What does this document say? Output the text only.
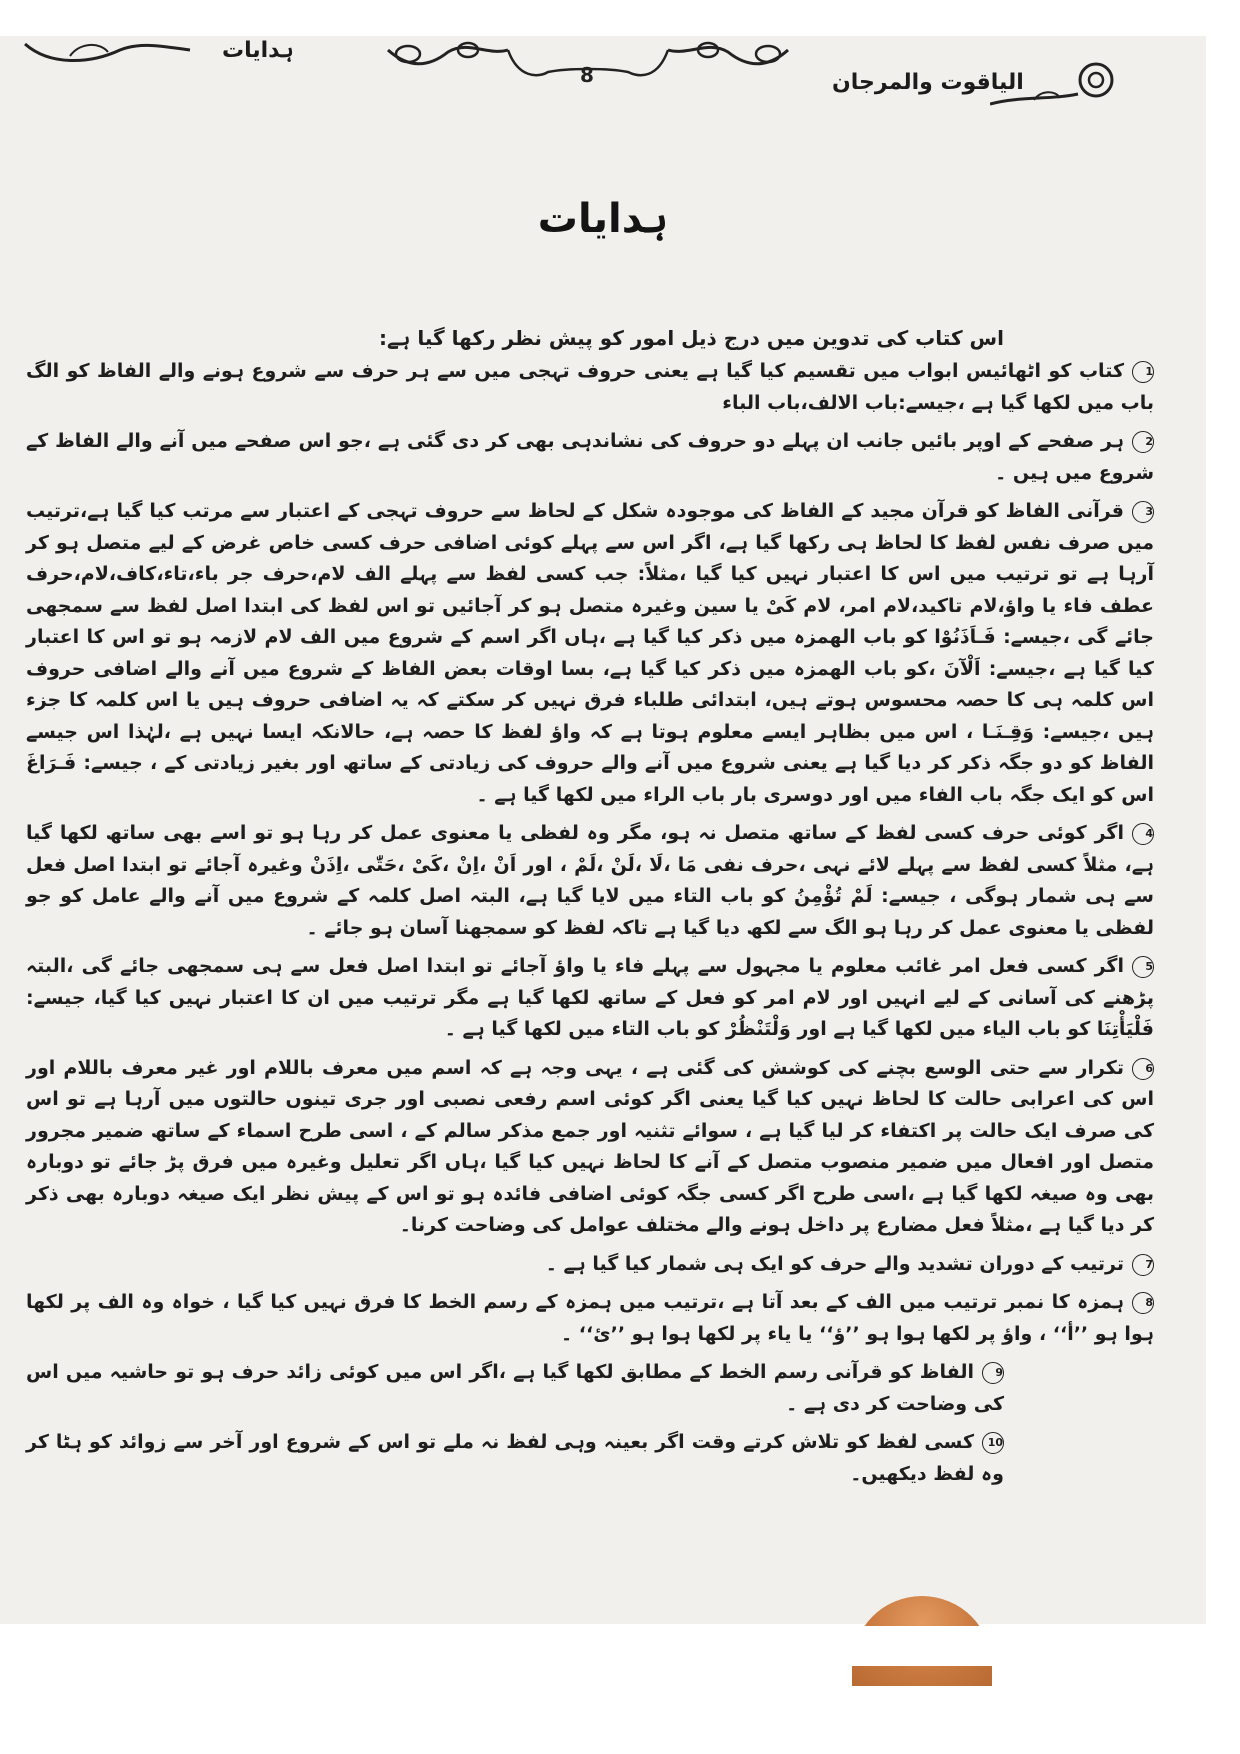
ہدایات
8	الیاقوت والمرجان
ہدایات

اس کتاب کی تدوین میں درج ذیل امور کو پیش نظر رکھا گیا ہے:

1کتاب کو اٹھائیس ابواب میں تقسیم کیا گیا ہے یعنی حروف تہجی میں سے ہر حرف سے شروع ہونے والے الفاظ کو الگ باب میں لکھا گیا ہے ،جیسے:باب الالف،باب الباء

2ہر صفحے کے اوپر بائیں جانب ان پہلے دو حروف کی نشاندہی بھی کر دی گئی ہے ،جو اس صفحے میں آنے والے الفاظ کے شروع میں ہیں ۔

3قرآنی الفاظ کو قرآن مجید کے الفاظ کی موجودہ شکل کے لحاظ سے حروف تہجی کے اعتبار سے مرتب کیا گیا ہے،ترتیب میں صرف نفس لفظ کا لحاظ ہی رکھا گیا ہے، اگر اس سے پہلے کوئی اضافی حرف کسی خاص غرض کے لیے متصل ہو کر آرہا ہے تو ترتیب میں اس کا اعتبار نہیں کیا گیا ،مثلاً: جب کسی لفظ سے پہلے الف لام،حرف جر باء،تاء،کاف،لام،حرف عطف فاء یا واؤ،لام تاکید،لام امر، لام کَیْ یا سین وغیرہ متصل ہو کر آجائیں تو اس لفظ کی ابتدا اصل لفظ سے سمجھی جائے گی ،جیسے: فَـاَذَنُوْا کو باب الھمزہ میں ذکر کیا گیا ہے ،ہاں اگر اسم کے شروع میں الف لام لازمہ ہو تو اس کا اعتبار کیا گیا ہے ،جیسے: اَلْآنَ ،کو باب الھمزہ میں ذکر کیا گیا ہے، بسا اوقات بعض الفاظ کے شروع میں آنے والے اضافی حروف اس کلمہ ہی کا حصہ محسوس ہوتے ہیں، ابتدائی طلباء فرق نہیں کر سکتے کہ یہ اضافی حروف ہیں یا اس کلمہ کا جزء ہیں ،جیسے: وَقِـنَـا ، اس میں بظاہر ایسے معلوم ہوتا ہے کہ واؤ لفظ کا حصہ ہے، حالانکہ ایسا نہیں ہے ،لہٰذا اس جیسے الفاظ کو دو جگہ ذکر کر دیا گیا ہے یعنی شروع میں آنے والے حروف کی زیادتی کے ساتھ اور بغیر زیادتی کے ، جیسے: فَـرَاغَ اس کو ایک جگہ باب الفاء میں اور دوسری بار باب الراء میں لکھا گیا ہے ۔

4اگر کوئی حرف کسی لفظ کے ساتھ متصل نہ ہو، مگر وہ لفظی یا معنوی عمل کر رہا ہو تو اسے بھی ساتھ لکھا گیا ہے، مثلاً کسی لفظ سے پہلے لائے نہی ،حرف نفی مَا ،لَا ،لَنْ ،لَمْ ، اور اَنْ ،اِنْ ،کَیْ ،حَتّٰی ،اِذَنْ وغیرہ آجائے تو ابتدا اصل فعل سے ہی شمار ہوگی ، جیسے: لَمْ تُؤْمِنُ کو باب التاء میں لایا گیا ہے، البتہ اصل کلمہ کے شروع میں آنے والے عامل کو جو لفظی یا معنوی عمل کر رہا ہو الگ سے لکھ دیا گیا ہے تاکہ لفظ کو سمجھنا آسان ہو جائے ۔

5اگر کسی فعل امر غائب معلوم یا مجہول سے پہلے فاء یا واؤ آجائے تو ابتدا اصل فعل سے ہی سمجھی جائے گی ،البتہ پڑھنے کی آسانی کے لیے انہیں اور لام امر کو فعل کے ساتھ لکھا گیا ہے مگر ترتیب میں ان کا اعتبار نہیں کیا گیا، جیسے: فَلْيَأْتِنَا کو باب الیاء میں لکھا گیا ہے اور وَلْتَنْظُرْ کو باب التاء میں لکھا گیا ہے ۔

6تکرار سے حتی الوسع بچنے کی کوشش کی گئی ہے ، یہی وجہ ہے کہ اسم میں معرف باللام اور غیر معرف باللام اور اس کی اعرابی حالت کا لحاظ نہیں کیا گیا یعنی اگر کوئی اسم رفعی نصبی اور جری تینوں حالتوں میں آرہا ہے تو اس کی صرف ایک حالت پر اکتفاء کر لیا گیا ہے ، سوائے تثنیہ اور جمع مذکر سالم کے ، اسی طرح اسماء کے ساتھ ضمیر مجرور متصل اور افعال میں ضمیر منصوب متصل کے آنے کا لحاظ نہیں کیا گیا ،ہاں اگر تعلیل وغیرہ میں فرق پڑ جائے تو دوبارہ بھی وہ صیغہ لکھا گیا ہے ،اسی طرح اگر کسی جگہ کوئی اضافی فائدہ ہو تو اس کے پیش نظر ایک صیغہ دوبارہ بھی ذکر کر دیا گیا ہے ،مثلاً فعل مضارع پر داخل ہونے والے مختلف عوامل کی وضاحت کرنا۔

7ترتیب کے دوران تشدید والے حرف کو ایک ہی شمار کیا گیا ہے ۔

8ہمزہ کا نمبر ترتیب میں الف کے بعد آتا ہے ،ترتیب میں ہمزہ کے رسم الخط کا فرق نہیں کیا گیا ، خواہ وہ الف پر لکھا ہوا ہو ’’أ‘‘ ، واؤ پر لکھا ہوا ہو ’’ؤ‘‘ یا یاء پر لکھا ہوا ہو ’’ئ‘‘ ۔

9الفاظ کو قرآنی رسم الخط کے مطابق لکھا گیا ہے ،اگر اس میں کوئی زائد حرف ہو تو حاشیہ میں اس کی وضاحت کر دی ہے ۔

10کسی لفظ کو تلاش کرتے وقت اگر بعینہ وہی لفظ نہ ملے تو اس کے شروع اور آخر سے زوائد کو ہٹا کر وہ لفظ دیکھیں۔
